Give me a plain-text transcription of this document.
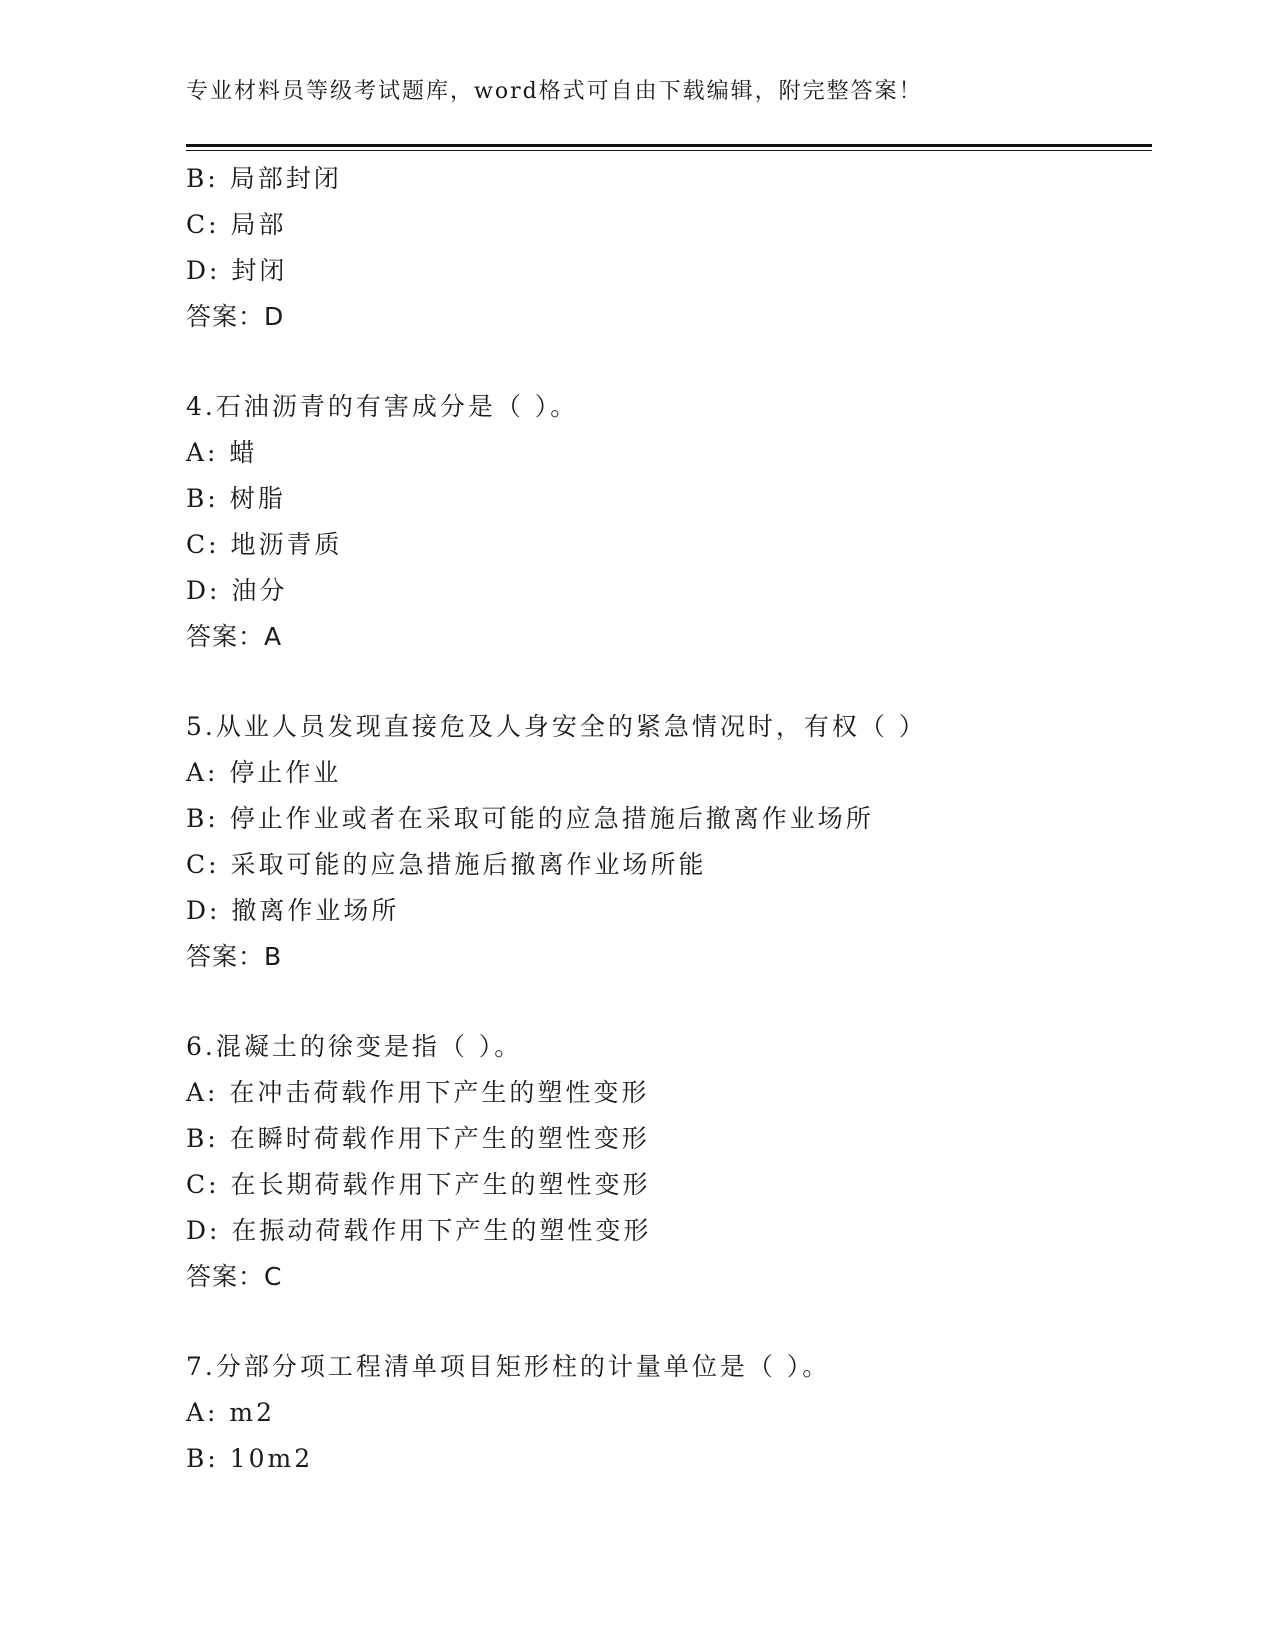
专业材料员等级考试题库，word格式可自由下载编辑，附完整答案！
B: 局部封闭
C: 局部
D: 封闭
答案：D
4.石油沥青的有害成分是（ ）。
A: 蜡
B: 树脂
C: 地沥青质
D: 油分
答案：A
5.从业人员发现直接危及人身安全的紧急情况时，有权（ ）
A: 停止作业
B: 停止作业或者在采取可能的应急措施后撤离作业场所
C: 采取可能的应急措施后撤离作业场所能
D: 撤离作业场所
答案：B
6.混凝土的徐变是指（ ）。
A: 在冲击荷载作用下产生的塑性变形
B: 在瞬时荷载作用下产生的塑性变形
C: 在长期荷载作用下产生的塑性变形
D: 在振动荷载作用下产生的塑性变形
答案：C
7.分部分项工程清单项目矩形柱的计量单位是（ ）。
A: m2
B: 10m2
